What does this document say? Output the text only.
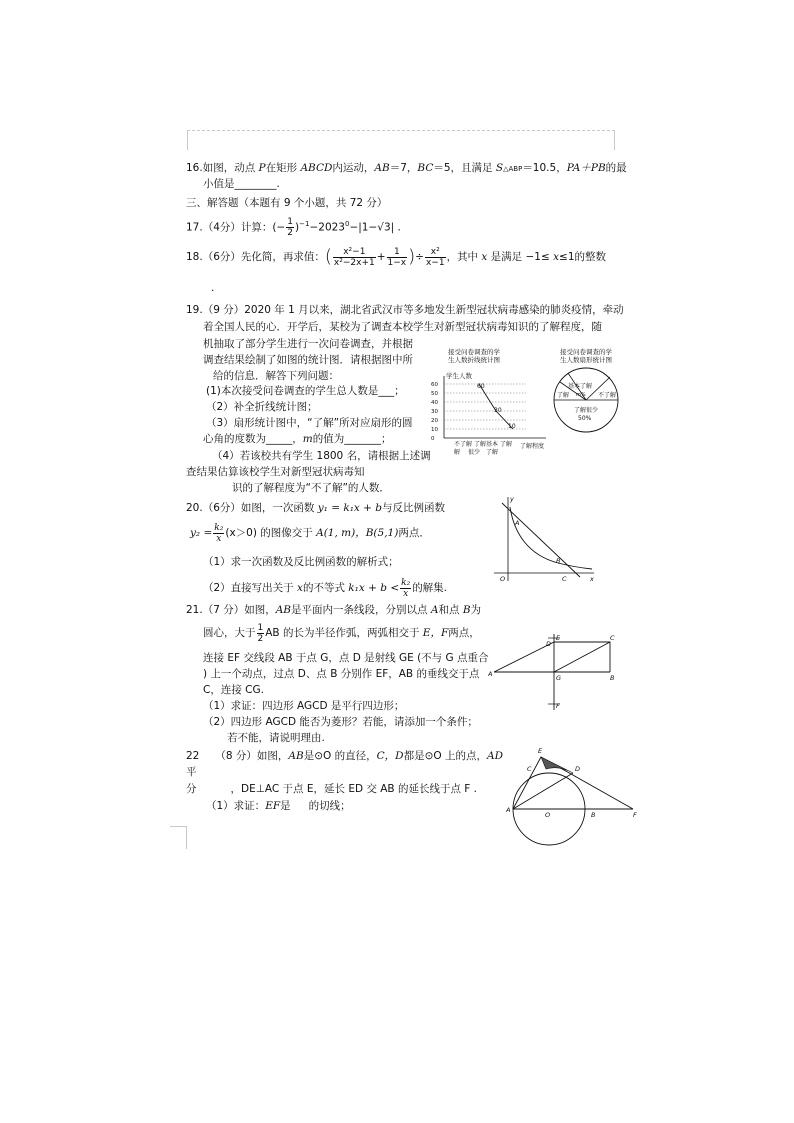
16.如图，动点 P在矩形 ABCD内运动，AB＝7，BC＝5，且满足 S△ABP＝10.5，PA＋PB的最
小值是________.
三、解答题（本题有 9 个小题，共 72 分）
17.（4分）计算：(− $\frac{1}{2} )^{-1}-2023^0-|1-√3|$ .
18.（6分）先化简，再求值：( $\frac{\text{x²−1}}{\text{x²−2x+1}} + \frac{1}{1-x}$ )÷ $\frac{\text{x²}}{x-1}$ ，其中 x 是满足 −1≤ x≤1的整数
.
19.（9 分）2020 年 1 月以来，湖北省武汉市等多地发生新型冠状病毒感染的肺炎疫情，牵动
着全国人民的心．开学后，某校为了调查本校学生对新型冠状病毒知识的了解程度，随
机抽取了部分学生进行一次问卷调查，并根据
调查结果绘制了如图的统计图．请根据图中所
给的信息．解答下列问题：
(1)本次接受问卷调查的学生总人数是___；
（2）补全折线统计图；
（3）扇形统计图中，“了解”所对应扇形的圆
心角的度数为_____，m的值为_______；
（4）若该校共有学生 1800 名，请根据上述调
查结果估算该校学生对新型冠状病毒知
识的了解程度为“不了解”的人数．
接受问卷调查的学
生人数折线统计图
学生人数
60
50
40
30
20
10
0
不了解 了解 基本 了解
解 很少 了解
了解程度
60
30
10
接受问卷调查的学
生人数扇形统计图
基本了解
m% 不了解
了解
了解很少
50%
20.（6分）如图，一次函数 y₁ = k₁x + b与反比例函数
$y_2 = \frac{\text{k₂}}{x} (x>0)$ 的图像交于 A(1, m)，B(5,1)两点．
（1）求一次函数及反比例函数的解析式；
（2）直接写出关于 x的不等式 $k_1x + b < \frac{\text{k₂}}{x}$ 的解集.
y
A
B
O	C	x
21.（7 分）如图，AB是平面内一条线段，分别以点 A和点 B为
圆心，大于 $\frac{1}{2}$ AB 的长为半径作弧，两弧相交于 E，F两点，
连接 EF 交线段 AB 于点 G，点 D 是射线 GE (不与 G 点重合
) 上一个动点，过点 D、点 B 分别作 EF，AB 的垂线交于点
C，连接 CG.
（1）求证：四边形 AGCD 是平行四边形；
（2）四边形 AGCD 能否为菱形？若能，请添加一个条件；
若不能，请说明理由.
D
E	C
A	G	B
F
22 （8 分）如图，AB是⊙O 的直径，C，D都是⊙O 上的点，AD
平
分	，DE⊥AC 于点 E，延长 ED 交 AB 的延长线于点 F .
（1）求证：EF是 的切线；
E
C	D
A
O	B	F
